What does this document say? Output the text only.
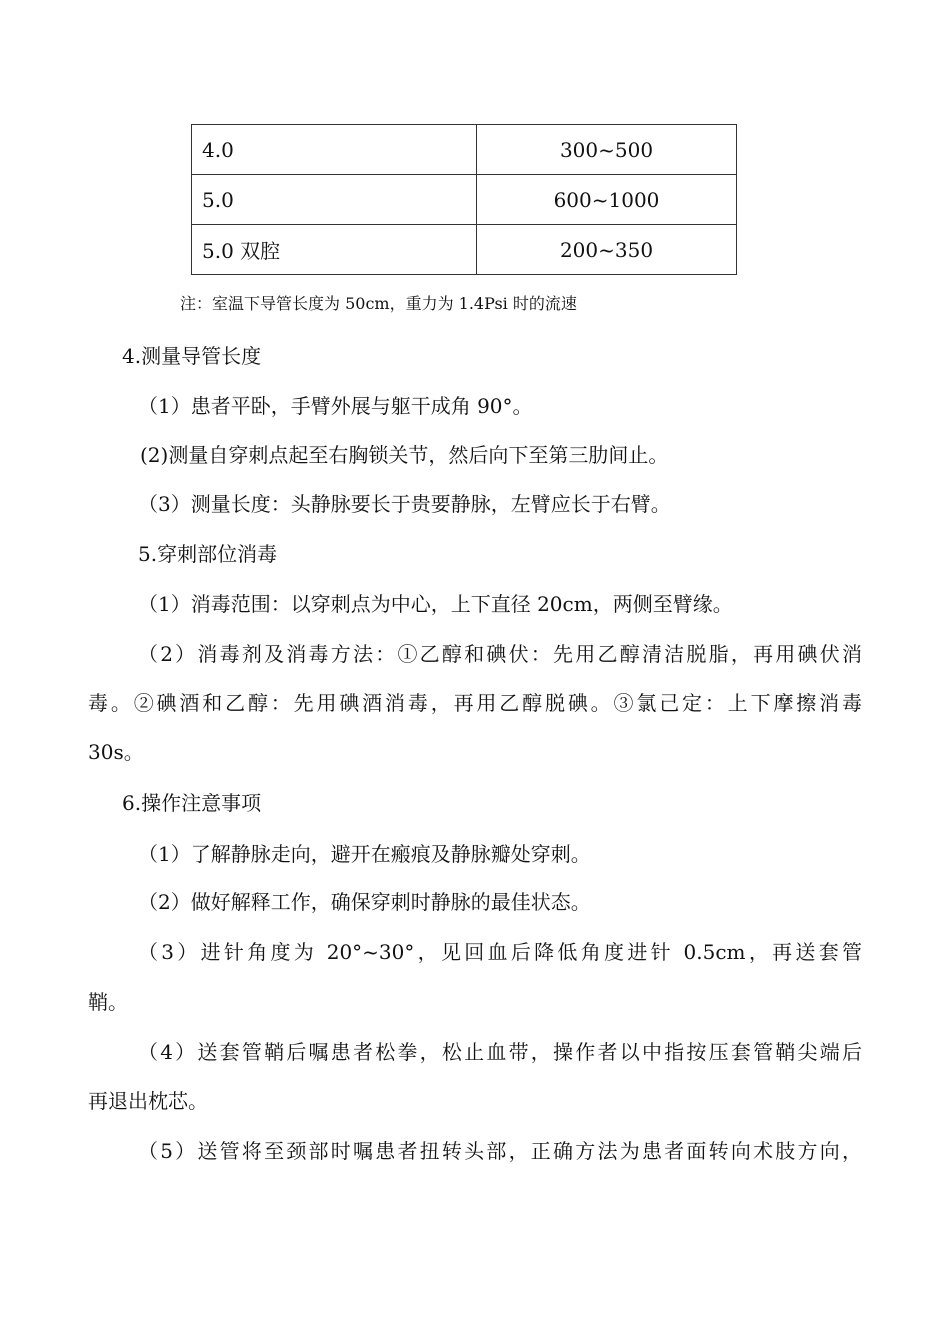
4.0	300~500
5.0	600~1000
5.0 双腔	200~350
注：室温下导管长度为 50cm，重力为 1.4Psi 时的流速
4.测量导管长度
（1）患者平卧，手臂外展与躯干成角 90°。
(2)测量自穿刺点起至右胸锁关节，然后向下至第三肋间止。
（3）测量长度：头静脉要长于贵要静脉，左臂应长于右臂。
5.穿刺部位消毒
（1）消毒范围：以穿刺点为中心，上下直径 20cm，两侧至臂缘。
（2）消毒剂及消毒方法：①乙醇和碘伏：先用乙醇清洁脱脂，再用碘伏消
毒。②碘酒和乙醇：先用碘酒消毒，再用乙醇脱碘。③氯己定：上下摩擦消毒
30s。
6.操作注意事项
（1）了解静脉走向，避开在瘢痕及静脉瓣处穿刺。
（2）做好解释工作，确保穿刺时静脉的最佳状态。
（3）进针角度为 20°~30°，见回血后降低角度进针 0.5cm，再送套管
鞘。
（4）送套管鞘后嘱患者松拳，松止血带，操作者以中指按压套管鞘尖端后
再退出枕芯。
（5）送管将至颈部时嘱患者扭转头部，正确方法为患者面转向术肢方向，
